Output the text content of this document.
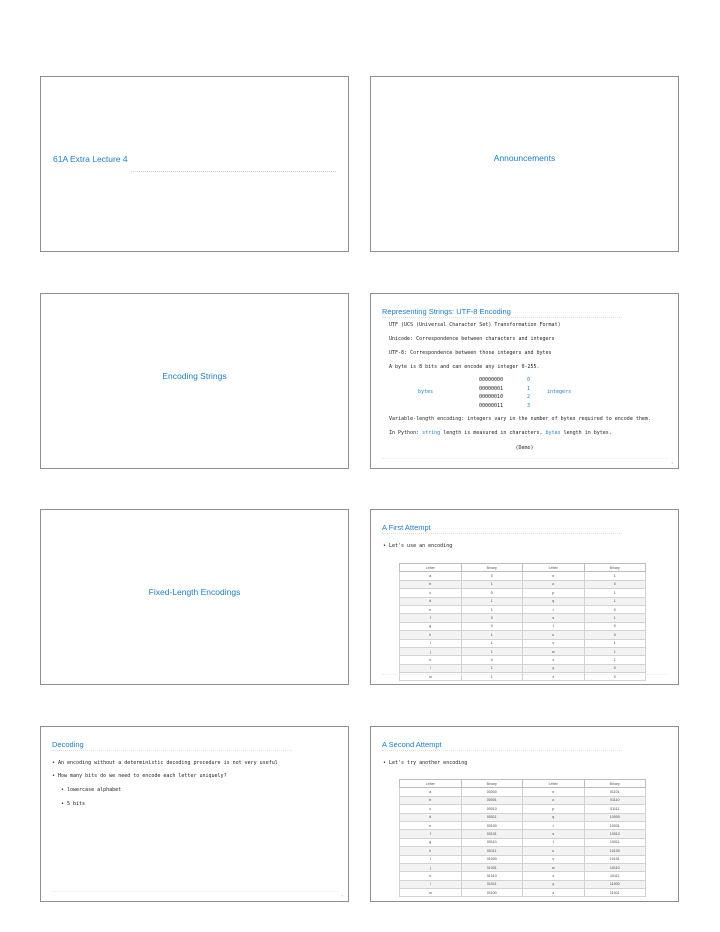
61A Extra Lecture 4	Announcements
Encoding Strings
Representing Strings: UTF-8 Encoding
UTF (UCS (Universal Character Set) Transformation Format)
Unicode: Correspondence between characters and integers
UTF-8: Correspondence between those integers and bytes
A byte is 8 bits and can encode any integer 0-255.
bytes
00000000	0
00000001	1
00000010	2
00000011	3
integers
Variable-length encoding: integers vary in the number of bytes required to encode them.
In Python: string length is measured in characters, bytes length in bytes.
(Demo)
4
Fixed-Length Encodings
A First Attempt
• Let's use an encoding
Letter	Binary	Letter	Binary
a	0	n	1
b	1	o	0
c	0	p	1
d	1	q	1
e	1	r	0
f	0	s	1
g	0	t	0
h	1	u	0
i	1	v	1
j	1	w	1
k	0	x	1
l	1	y	0
m	1	z	0
Decoding
• An encoding without a deterministic decoding procedure is not very useful
• How many bits do we need to encode each letter uniquely?
• lowercase alphabet
• 5 bits
7
A Second Attempt
• Let's try another encoding
Letter	Binary	Letter	Binary
a	00000	n	01101
b	00001	o	01110
c	00010	p	01111
d	00011	q	10000
e	00100	r	10001
f	00101	s	10010
g	00110	t	10011
h	00111	u	10100
i	01000	v	10101
j	01001	w	10110
k	01010	x	10111
l	01011	y	11000
m	01100	z	11001
